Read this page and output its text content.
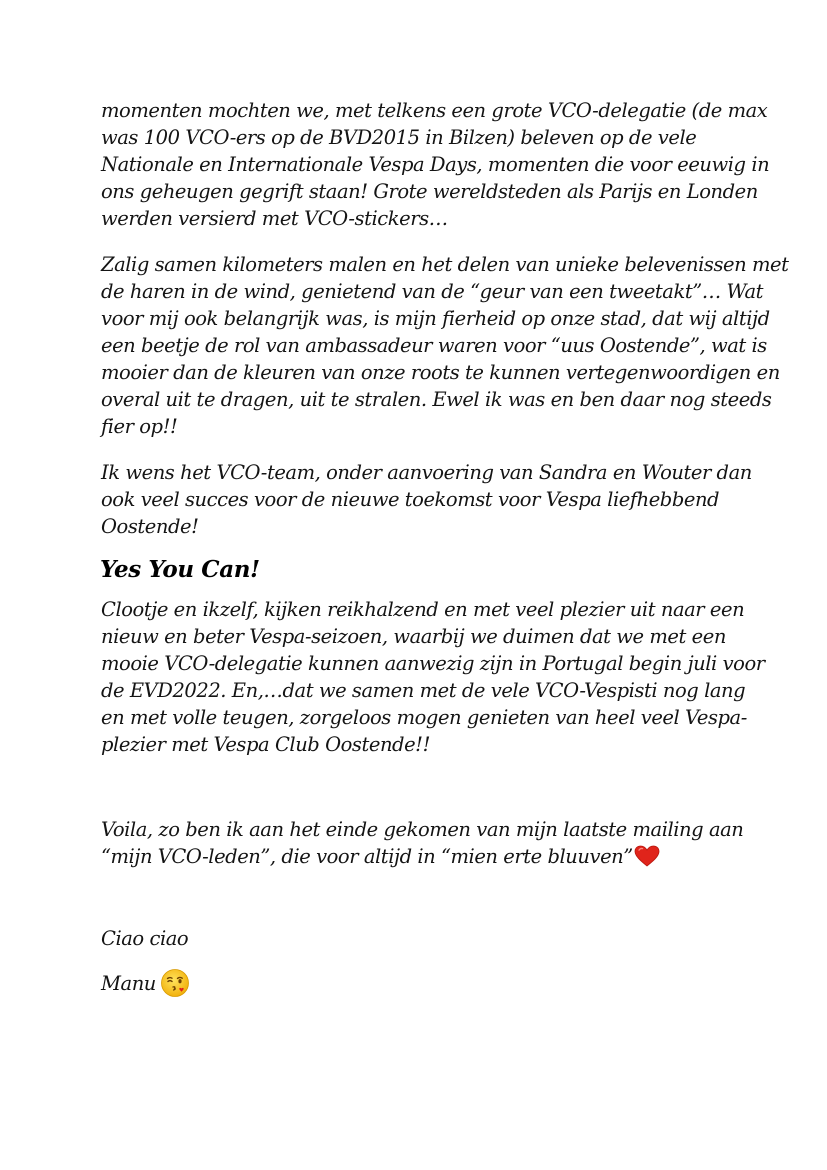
momenten mochten we, met telkens een grote VCO-delegatie (de max
was 100 VCO-ers op de BVD2015 in Bilzen) beleven op de vele
Nationale en Internationale Vespa Days, momenten die voor eeuwig in
ons geheugen gegrift staan! Grote wereldsteden als Parijs en Londen
werden versierd met VCO-stickers…

Zalig samen kilometers malen en het delen van unieke belevenissen met
de haren in de wind, genietend van de “geur van een tweetakt”… Wat
voor mij ook belangrijk was, is mijn fierheid op onze stad, dat wij altijd
een beetje de rol van ambassadeur waren voor “uus Oostende”, wat is
mooier dan de kleuren van onze roots te kunnen vertegenwoordigen en
overal uit te dragen, uit te stralen. Ewel ik was en ben daar nog steeds
fier op!!

Ik wens het VCO-team, onder aanvoering van Sandra en Wouter dan
ook veel succes voor de nieuwe toekomst voor Vespa liefhebbend
Oostende!

Yes You Can!

Clootje en ikzelf, kijken reikhalzend en met veel plezier uit naar een
nieuw en beter Vespa-seizoen, waarbij we duimen dat we met een
mooie VCO-delegatie kunnen aanwezig zijn in Portugal begin juli voor
de EVD2022. En,…dat we samen met de vele VCO-Vespisti nog lang
en met volle teugen, zorgeloos mogen genieten van heel veel Vespa-
plezier met Vespa Club Oostende!!

Voila, zo ben ik aan het einde gekomen van mijn laatste mailing aan
“mijn VCO-leden”, die voor altijd in “mien erte bluuven”

Ciao ciao

Manu
